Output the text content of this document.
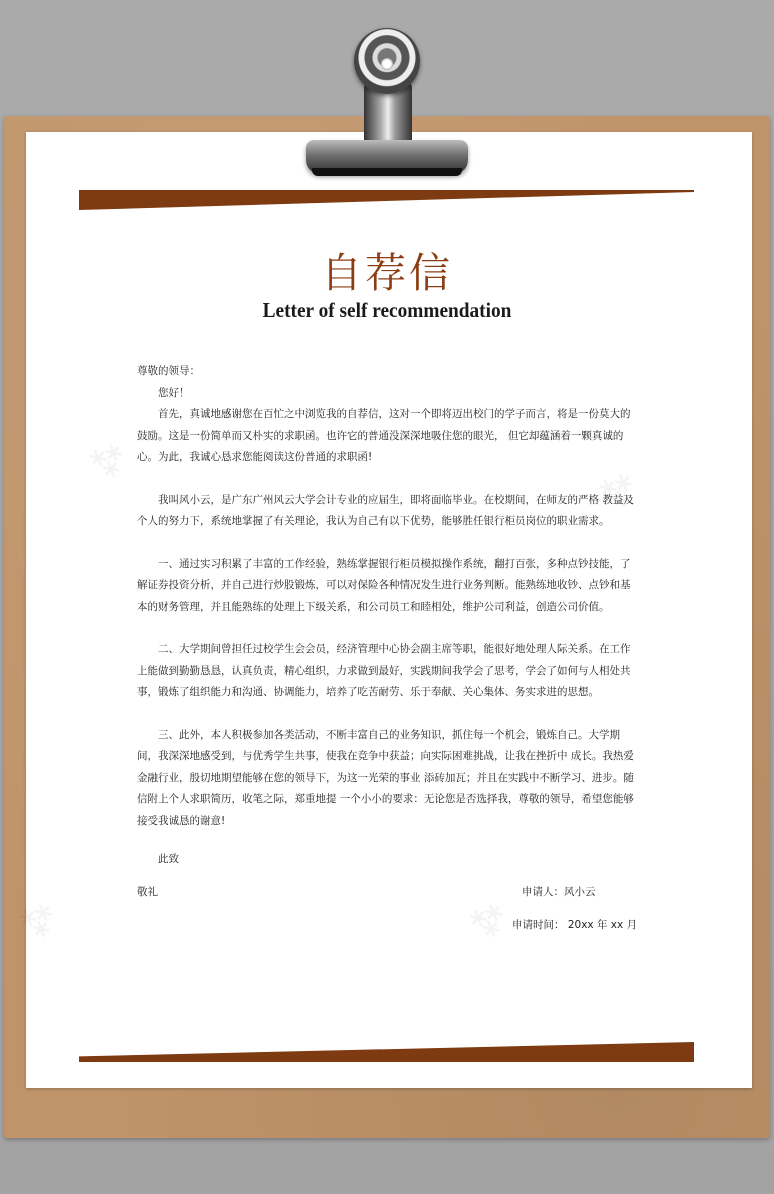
自荐信
Letter of self recommendation

尊敬的领导：

您好！

首先，真诚地感谢您在百忙之中浏览我的自荐信，这对一个即将迈出校门的学子而言，将是一份莫大的鼓励。这是一份简单而又朴实的求职函。也许它的普通没深深地吸住您的眼光， 但它却蕴涵着一颗真诚的心。为此，我诚心恳求您能阅读这份普通的求职函!

我叫风小云，是广东广州风云大学会计专业的应届生，即将面临毕业。在校期间，在师友的严格 教益及个人的努力下，系统地掌握了有关理论，我认为自己有以下优势，能够胜任银行柜员岗位的职业需求。

一、通过实习积累了丰富的工作经验，熟练掌握银行柜员模拟操作系统，翻打百张，多种点钞技能，了解证券投资分析，并自己进行炒股锻炼，可以对保险各种情况发生进行业务判断。能熟练地收钞、点钞和基本的财务管理，并且能熟练的处理上下级关系，和公司员工和睦相处，维护公司利益，创造公司价值。

二、大学期间曾担任过校学生会会员，经济管理中心协会副主席等职，能很好地处理人际关系。在工作上能做到勤勤恳恳，认真负责，精心组织，力求做到最好，实践期间我学会了思考，学会了如何与人相处共事，锻炼了组织能力和沟通、协调能力，培养了吃苦耐劳、乐于奉献、关心集体、务实求进的思想。

三、此外，本人积极参加各类活动，不断丰富自己的业务知识，抓住每一个机会，锻炼自己。大学期间，我深深地感受到，与优秀学生共事，使我在竞争中获益；向实际困难挑战，让我在挫折中 成长。我热爱金融行业，殷切地期望能够在您的领导下，为这一光荣的事业 添砖加瓦；并且在实践中不断学习、进步。随信附上个人求职简历，收笔之际，郑重地提 一个小小的要求：无论您是否选择我，尊敬的领导，希望您能够接受我诚恳的谢意!

此致
敬礼	申请人：风小云
申请时间： 20xx 年 xx 月
